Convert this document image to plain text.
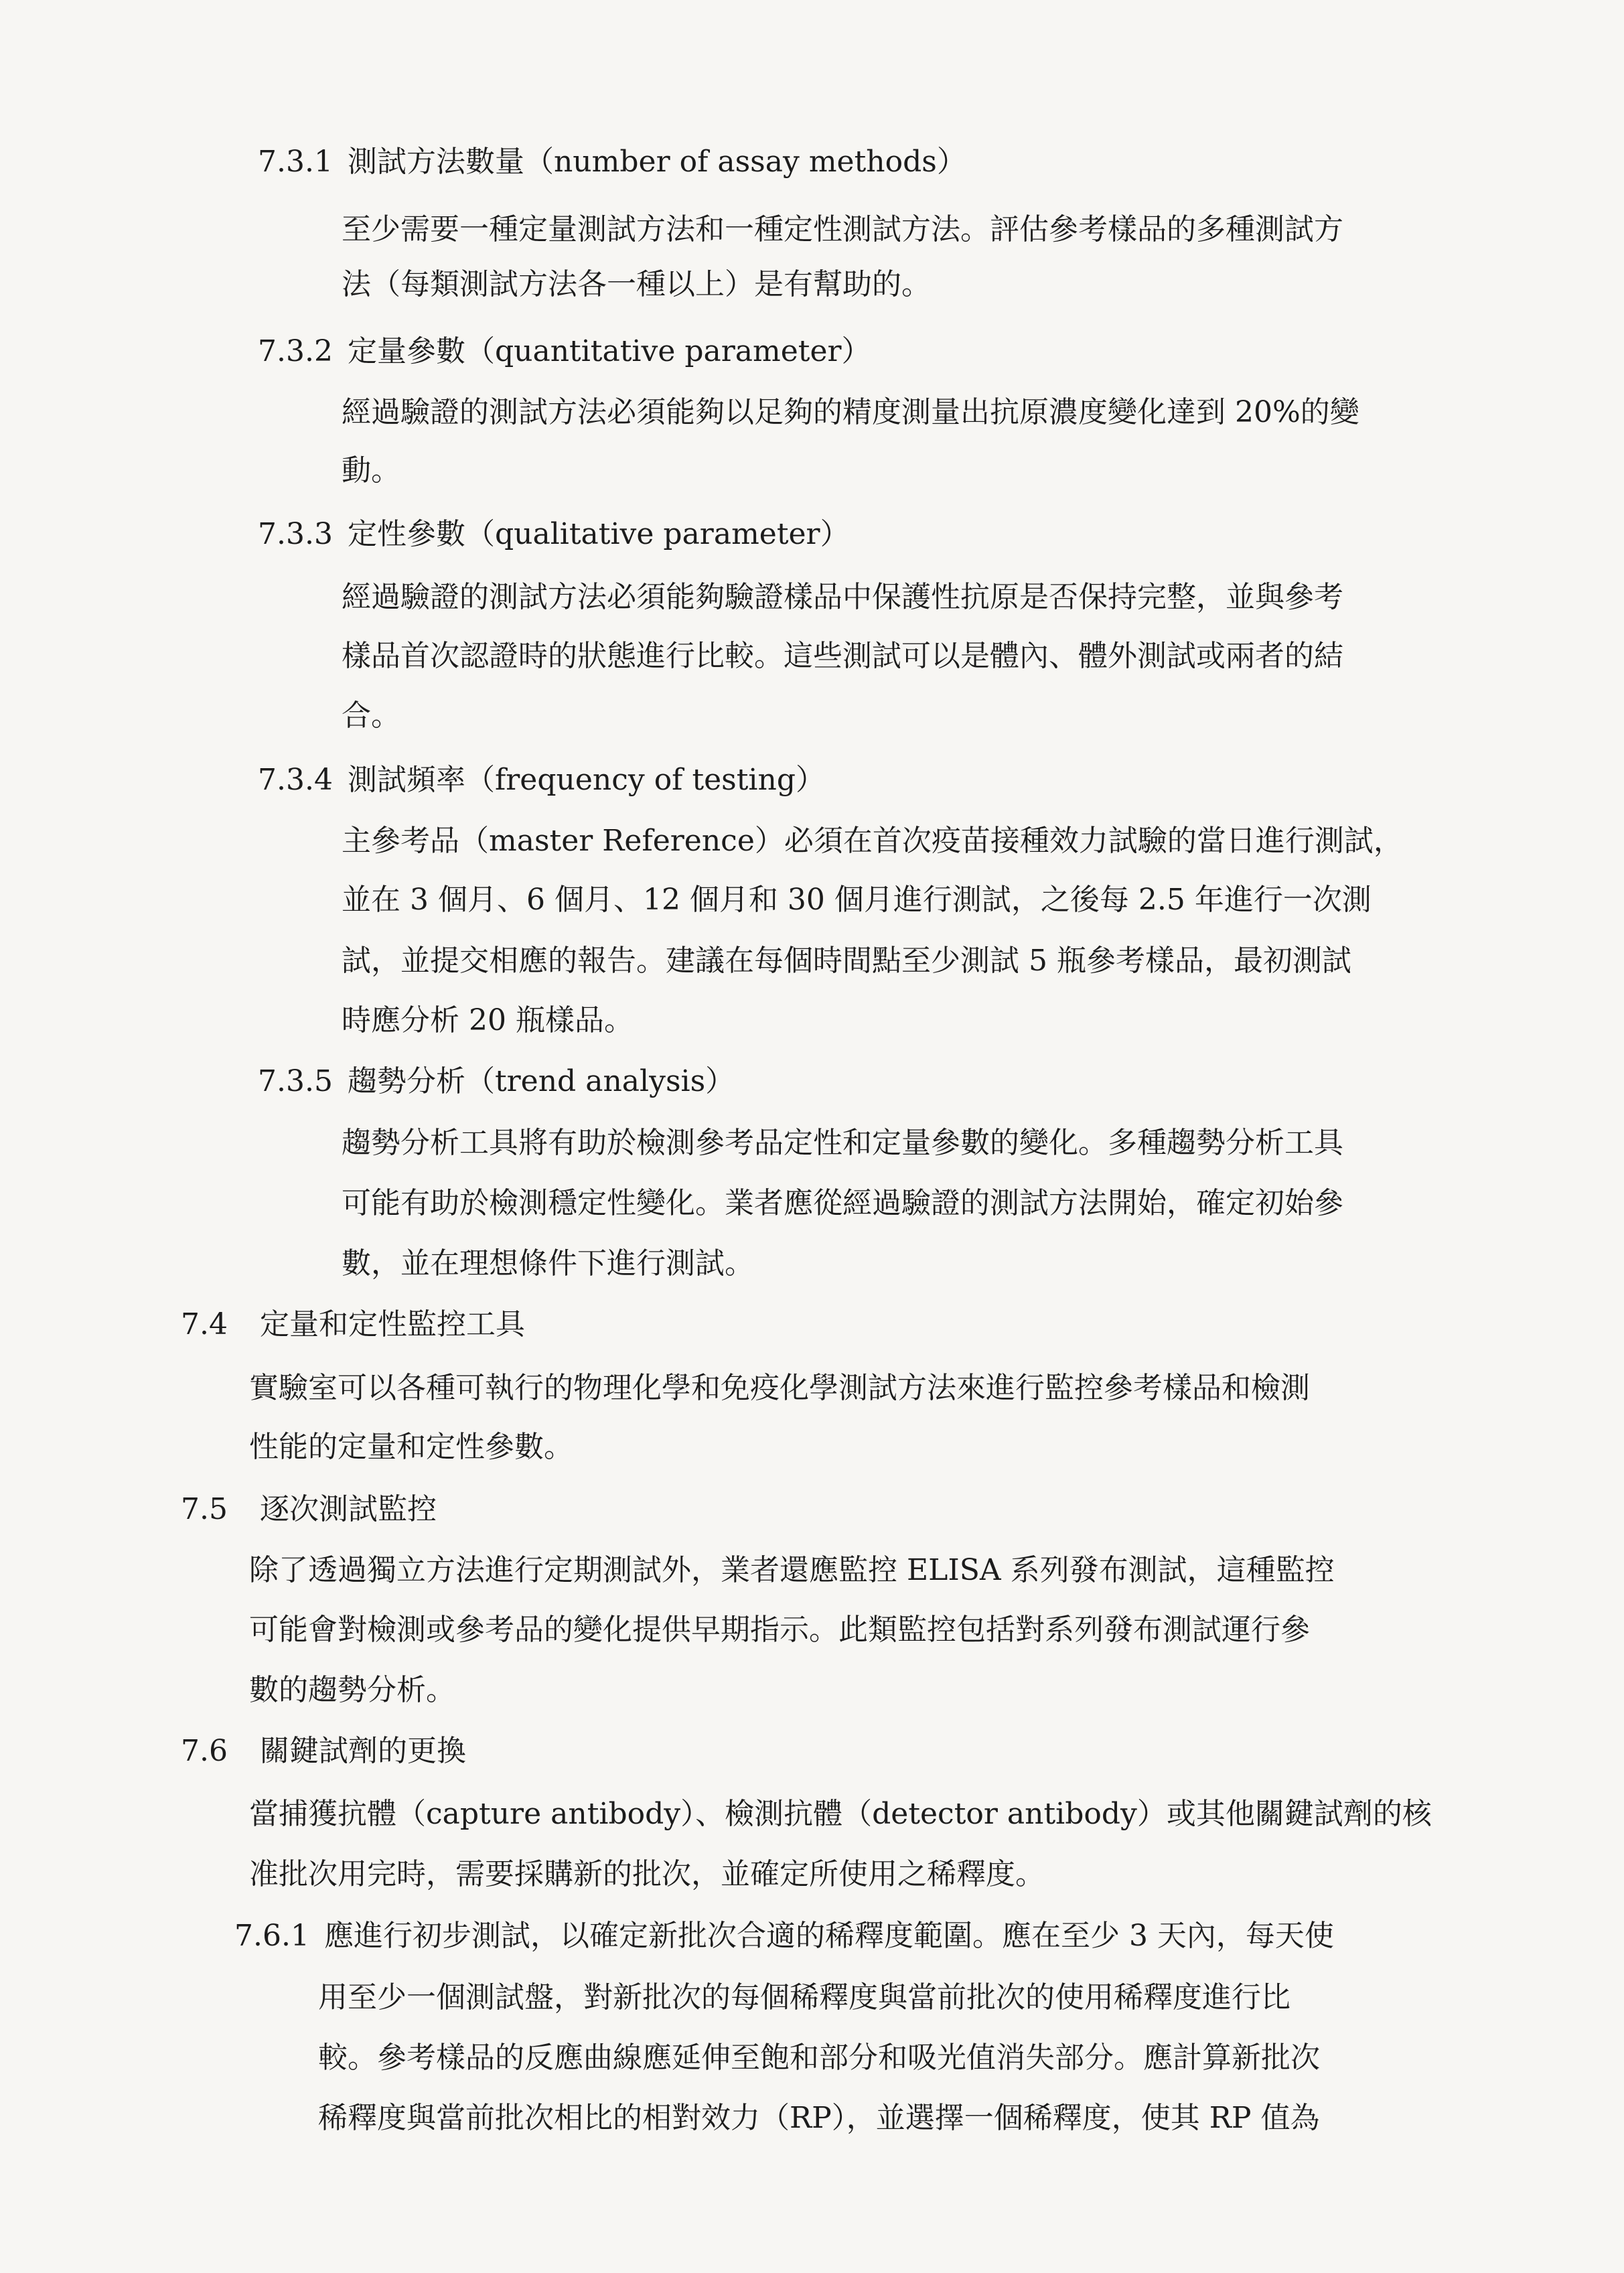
7.3.1 測試方法數量（number of assay methods）
至少需要一種定量測試方法和一種定性測試方法。評估參考樣品的多種測試方
法（每類測試方法各一種以上）是有幫助的。
7.3.2 定量參數（quantitative parameter）
經過驗證的測試方法必須能夠以足夠的精度測量出抗原濃度變化達到 20%的變
動。
7.3.3 定性參數（qualitative parameter）
經過驗證的測試方法必須能夠驗證樣品中保護性抗原是否保持完整，並與參考
樣品首次認證時的狀態進行比較。這些測試可以是體內、體外測試或兩者的結
合。
7.3.4 測試頻率（frequency of testing）
主參考品（master Reference）必須在首次疫苗接種效力試驗的當日進行測試，
並在 3 個月、6 個月、12 個月和 30 個月進行測試，之後每 2.5 年進行一次測
試，並提交相應的報告。建議在每個時間點至少測試 5 瓶參考樣品，最初測試
時應分析 20 瓶樣品。
7.3.5 趨勢分析（trend analysis）
趨勢分析工具將有助於檢測參考品定性和定量參數的變化。多種趨勢分析工具
可能有助於檢測穩定性變化。業者應從經過驗證的測試方法開始，確定初始參
數，並在理想條件下進行測試。
7.4 定量和定性監控工具
實驗室可以各種可執行的物理化學和免疫化學測試方法來進行監控參考樣品和檢測
性能的定量和定性參數。
7.5 逐次測試監控
除了透過獨立方法進行定期測試外，業者還應監控 ELISA 系列發布測試，這種監控
可能會對檢測或參考品的變化提供早期指示。此類監控包括對系列發布測試運行參
數的趨勢分析。
7.6 關鍵試劑的更換
當捕獲抗體（capture antibody）、檢測抗體（detector antibody）或其他關鍵試劑的核
准批次用完時，需要採購新的批次，並確定所使用之稀釋度。
7.6.1 應進行初步測試，以確定新批次合適的稀釋度範圍。應在至少 3 天內，每天使
用至少一個測試盤，對新批次的每個稀釋度與當前批次的使用稀釋度進行比
較。參考樣品的反應曲線應延伸至飽和部分和吸光值消失部分。應計算新批次
稀釋度與當前批次相比的相對效力（RP），並選擇一個稀釋度，使其 RP 值為
